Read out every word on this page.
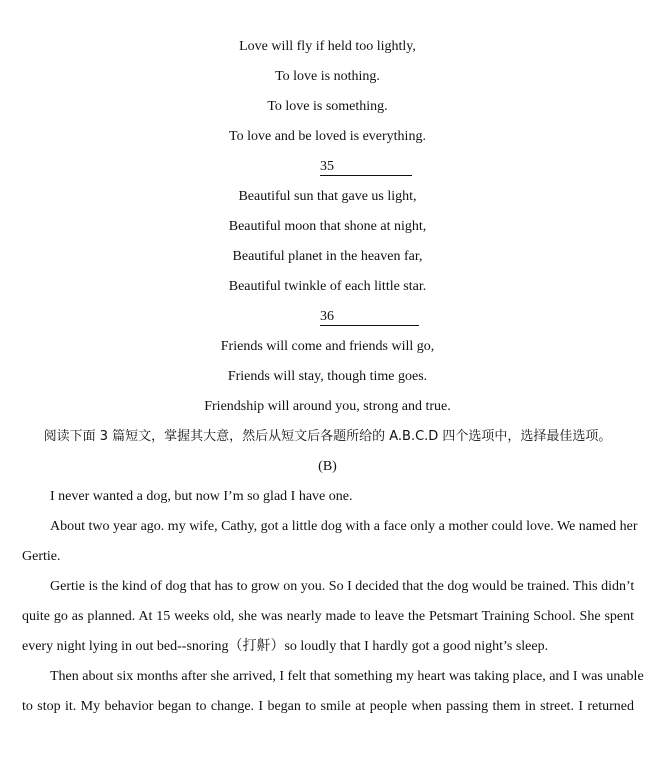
Love will fly if held too lightly,
To love is nothing.
To love is something.
To love and be loved is everything.
35
Beautiful sun that gave us light,
Beautiful moon that shone at night,
Beautiful planet in the heaven far,
Beautiful twinkle of each little star.
36
Friends will come and friends will go,
Friends will stay, though time goes.
Friendship will around you, strong and true.
阅读下面 3 篇短文，掌握其大意，然后从短文后各题所给的 A.B.C.D 四个选项中，选择最佳选项。
(B)
I never wanted a dog, but now I’m so glad I have one.
About two year ago. my wife, Cathy, got a little dog with a face only a mother could love. We named her
Gertie.
Gertie is the kind of dog that has to grow on you. So I decided that the dog would be trained. This didn’t
quite go as planned. At 15 weeks old, she was nearly made to leave the Petsmart Training School. She spent
every night lying in out bed--snoring（打鼾）so loudly that I hardly got a good night’s sleep.
Then about six months after she arrived, I felt that something my heart was taking place, and I was unable
to stop it. My behavior began to change. I began to smile at people when passing them in street. I returned
